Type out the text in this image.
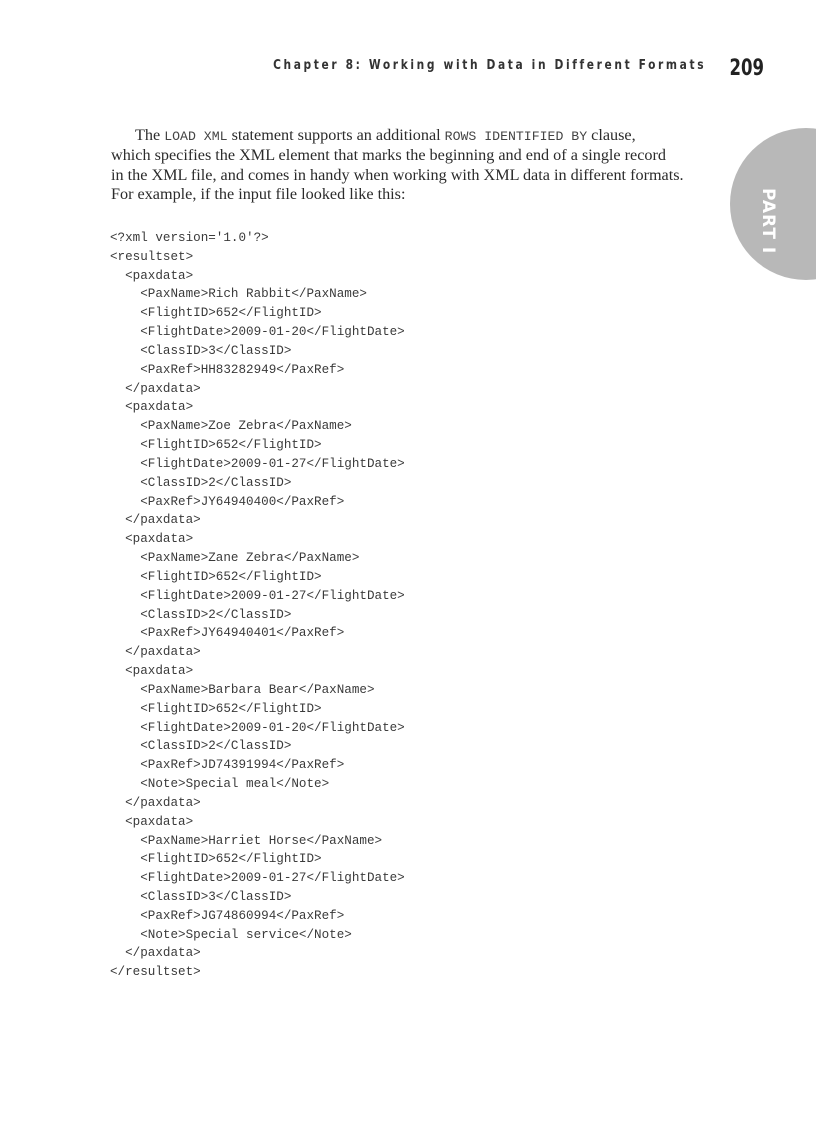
Chapter 8: Working with Data in Different Formats 209
PART I
The LOAD XML statement supports an additional ROWS IDENTIFIED BY clause,
which specifies the XML element that marks the beginning and end of a single record
in the XML file, and comes in handy when working with XML data in different formats.
For example, if the input file looked like this:
<?xml version='1.0'?>
<resultset>
<paxdata>
<PaxName>Rich Rabbit</PaxName>
<FlightID>652</FlightID>
<FlightDate>2009-01-20</FlightDate>
<ClassID>3</ClassID>
<PaxRef>HH83282949</PaxRef>
</paxdata>
<paxdata>
<PaxName>Zoe Zebra</PaxName>
<FlightID>652</FlightID>
<FlightDate>2009-01-27</FlightDate>
<ClassID>2</ClassID>
<PaxRef>JY64940400</PaxRef>
</paxdata>
<paxdata>
<PaxName>Zane Zebra</PaxName>
<FlightID>652</FlightID>
<FlightDate>2009-01-27</FlightDate>
<ClassID>2</ClassID>
<PaxRef>JY64940401</PaxRef>
</paxdata>
<paxdata>
<PaxName>Barbara Bear</PaxName>
<FlightID>652</FlightID>
<FlightDate>2009-01-20</FlightDate>
<ClassID>2</ClassID>
<PaxRef>JD74391994</PaxRef>
<Note>Special meal</Note>
</paxdata>
<paxdata>
<PaxName>Harriet Horse</PaxName>
<FlightID>652</FlightID>
<FlightDate>2009-01-27</FlightDate>
<ClassID>3</ClassID>
<PaxRef>JG74860994</PaxRef>
<Note>Special service</Note>
</paxdata>
</resultset>
